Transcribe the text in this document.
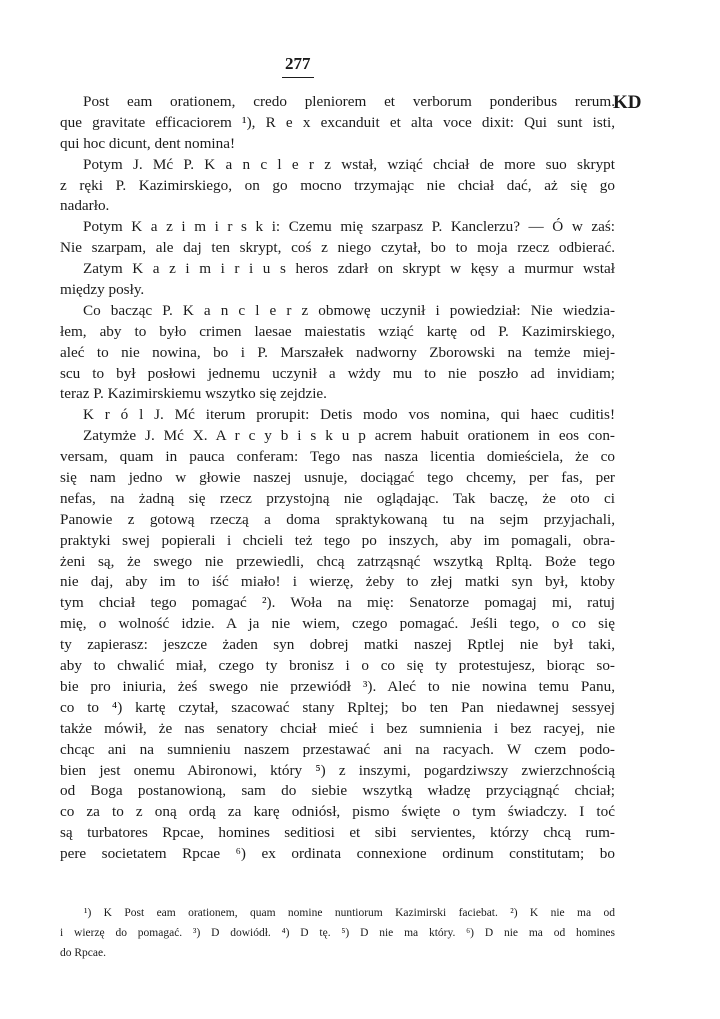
277
KD
Post eam orationem, credo pleniorem et verborum ponderibus rerum.
que gravitate efficaciorem ¹), R e x excanduit et alta voce dixit: Qui sunt isti,
qui hoc dicunt, dent nomina!
Potym J. Mć P. K a n c l e r z wstał, wziąć chciał de more suo skrypt
z ręki P. Kazimirskiego, on go mocno trzymając nie chciał dać, aż się go
nadarło.
Potym K a z i m i r s k i: Czemu mię szarpasz P. Kanclerzu? — Ó w zaś:
Nie szarpam, ale daj ten skrypt, coś z niego czytał, bo to moja rzecz odbierać.
Zatym K a z i m i r i u s heros zdarł on skrypt w kęsy a murmur wstał
między posły.
Co bacząc P. K a n c l e r z obmowę uczynił i powiedział: Nie wiedzia-
łem, aby to było crimen laesae maiestatis wziąć kartę od P. Kazimirskiego,
aleć to nie nowina, bo i P. Marszałek nadworny Zborowski na temże miej-
scu to był posłowi jednemu uczynił a wżdy mu to nie poszło ad invidiam;
teraz P. Kazimirskiemu wszytko się zejdzie.
K r ó l J. Mć iterum prorupit: Detis modo vos nomina, qui haec cuditis!
Zatymże J. Mć X. A r c y b i s k u p acrem habuit orationem in eos con-
versam, quam in pauca conferam: Tego nas nasza licentia domieściela, że co
się nam jedno w głowie naszej usnuje, dociągać tego chcemy, per fas, per
nefas, na żadną się rzecz przystojną nie oglądając. Tak baczę, że oto ci
Panowie z gotową rzeczą a doma spraktykowaną tu na sejm przyjachali,
praktyki swej popierali i chcieli też tego po inszych, aby im pomagali, obra-
żeni są, że swego nie przewiedli, chcą zatrząsnąć wszytką Rpltą. Boże tego
nie daj, aby im to iść miało! i wierzę, żeby to złej matki syn był, ktoby
tym chciał tego pomagać ²). Woła na mię: Senatorze pomagaj mi, ratuj
mię, o wolność idzie. A ja nie wiem, czego pomagać. Jeśli tego, o co się
ty zapierasz: jeszcze żaden syn dobrej matki naszej Rptlej nie był taki,
aby to chwalić miał, czego ty bronisz i o co się ty protestujesz, biorąc so-
bie pro iniuria, żeś swego nie przewiódł ³). Aleć to nie nowina temu Panu,
co to ⁴) kartę czytał, szacować stany Rpltej; bo ten Pan niedawnej sessyej
także mówił, że nas senatory chciał mieć i bez sumnienia i bez racyej, nie
chcąc ani na sumnieniu naszem przestawać ani na racyach. W czem podo-
bien jest onemu Abironowi, który ⁵) z inszymi, pogardziwszy zwierzchnością
od Boga postanowioną, sam do siebie wszytką władzę przyciągnąć chciał;
co za to z oną ordą za karę odniósł, pismo święte o tym świadczy. I toć
są turbatores Rpcae, homines seditiosi et sibi servientes, którzy chcą rum-
pere societatem Rpcae ⁶) ex ordinata connexione ordinum constitutam; bo
¹) K Post eam orationem, quam nomine nuntiorum Kazimirski faciebat. ²) K nie ma od
i wierzę do pomagać. ³) D dowiódł. ⁴) D tę. ⁵) D nie ma który. ⁶) D nie ma od homines
do Rpcae.
